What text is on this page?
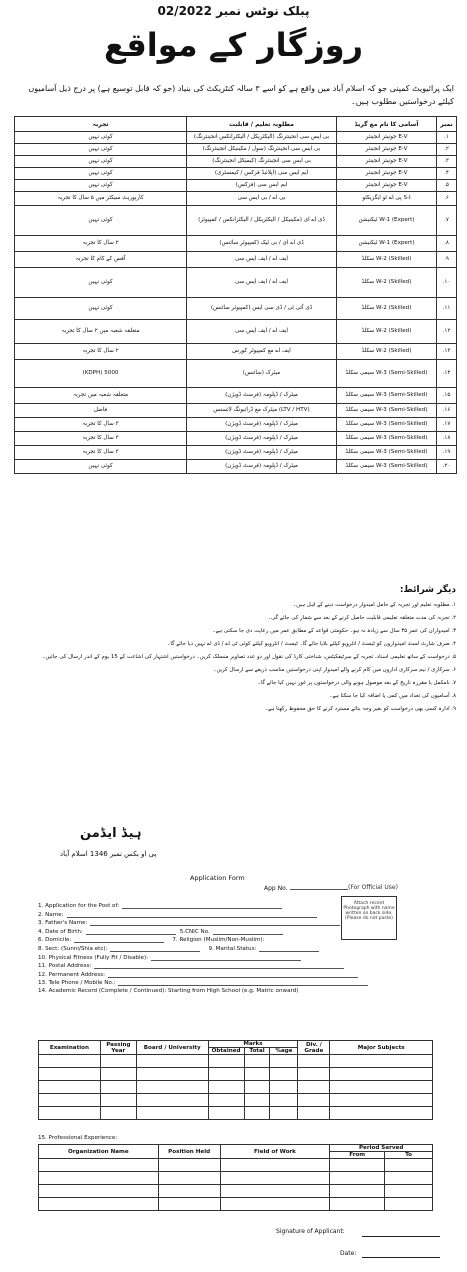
پبلک نوٹس نمبر 02/2022
روزگار کے مواقع
ایک پرائیویٹ کمپنی جو کہ اسلام آباد میں واقع ہے کو اسے ۳ سالہ کنٹریکٹ کی بنیاد (جو کہ قابل توسیع ہے) پر درج ذیل آسامیوں کیلئے درخواستیں مطلوب ہیں۔
نمبر	آسامی کا نام مع گریڈ	مطلوبہ تعلیم / قابلیت	تجربہ
۱.	E-V جونیئر انجینئر	بی ایس سی انجینئرنگ (الیکٹریکل / الیکٹرانکس انجینئرنگ)	کوئی نہیں
۲.	E-V جونیئر انجینئر	بی ایس سی انجینئرنگ (سول / مکینیکل انجینئرنگ)	کوئی نہیں
۳.	E-V جونیئر انجینئر	بی ایس سی انجینئرنگ (کیمیکل انجینئرنگ)	کوئی نہیں
۴.	E-V جونیئر انجینئر	ایم ایس سی (اپلائیڈ فزکس / کیمسٹری)	کوئی نہیں
۵.	E-V جونیئر انجینئر	ایم ایس سی (فزکس)	کوئی نہیں
۶.	S-I پی اے ٹو ایگزیکٹو	بی اے / بی ایس سی	کارپوریٹ سیکٹر میں ۵ سال کا تجربہ
۷.	W-1 (Expert) ٹیکنیشن	ڈی اے ای (مکینیکل / الیکٹریکل / الیکٹرانکس / کمپیوٹر)	کوئی نہیں
۸.	W-1 (Expert) ٹیکنیشن	ڈی اے ای / بی ٹیک (کمپیوٹر سائنس)	۲ سال کا تجربہ
۹.	W-2 (Skilled) سکلڈ	ایف اے / ایف ایس سی	آفس کے کام کا تجربہ
۱۰.	W-2 (Skilled) سکلڈ	ایف اے / ایف ایس سی	کوئی نہیں
۱۱.	W-2 (Skilled) سکلڈ	ڈی آئی ٹی / ڈی سی ایس (کمپیوٹر سائنس)	کوئی نہیں
۱۲.	W-2 (Skilled) سکلڈ	ایف اے / ایف ایس سی	متعلقہ شعبہ میں ۲ سال کا تجربہ
۱۳.	W-2 (Skilled) سکلڈ	ایف اے مع کمپیوٹر کورس	۲ سال کا تجربہ
۱۴.	W-3 (Semi-Skilled) سیمی سکلڈ	میٹرک (سائنس)	5000 (KDPH)
۱۵.	W-3 (Semi-Skilled) سیمی سکلڈ	میٹرک / ڈپلومہ (فرسٹ ڈویژن)	متعلقہ شعبہ میں تجربہ
۱۶.	W-3 (Semi-Skilled) سیمی سکلڈ	(LTV / HTV) میٹرک مع ڈرائیونگ لائسنس	فاضل
۱۷.	W-3 (Semi-Skilled) سیمی سکلڈ	میٹرک / ڈپلومہ (فرسٹ ڈویژن)	۳ سال کا تجربہ
۱۸.	W-3 (Semi-Skilled) سیمی سکلڈ	میٹرک / ڈپلومہ (فرسٹ ڈویژن)	۳ سال کا تجربہ
۱۹.	W-3 (Semi-Skilled) سیمی سکلڈ	میٹرک / ڈپلومہ (فرسٹ ڈویژن)	۳ سال کا تجربہ
۲۰.	W-3 (Semi-Skilled) سیمی سکلڈ	میٹرک / ڈپلومہ (فرسٹ ڈویژن)	کوئی نہیں
دیگر شرائط:
۱. مطلوبہ تعلیم اور تجربہ کے حامل امیدوار درخواست دینے کے اہل ہیں۔
۲. تجربہ کی مدت متعلقہ تعلیمی قابلیت حاصل کرنے کے بعد سے شمار کی جائے گی۔
۳. امیدواران کی عمر ۳۵ سال سے زیادہ نہ ہو۔ حکومتی قواعد کے مطابق عمر میں رعایت دی جا سکتی ہے۔
۴. صرف شارٹ لسٹ امیدواروں کو ٹیسٹ / انٹرویو کیلئے بلایا جائے گا۔ ٹیسٹ / انٹرویو کیلئے کوئی ٹی اے / ڈی اے نہیں دیا جائے گا۔
۵. درخواست کے ساتھ تعلیمی اسناد، تجربہ کے سرٹیفکیٹس، شناختی کارڈ کی نقول اور دو عدد تصاویر منسلک کریں۔ درخواستیں اشتہار کی اشاعت کے 15 یوم کے اندر ارسال کی جائیں۔
۶. سرکاری / نیم سرکاری اداروں میں کام کرنے والے امیدوار اپنی درخواستیں مناسب ذریعے سے ارسال کریں۔
۷. نامکمل یا مقررہ تاریخ کے بعد موصول ہونے والی درخواستوں پر غور نہیں کیا جائے گا۔
۸. آسامیوں کی تعداد میں کمی یا اضافہ کیا جا سکتا ہے۔
۹. ادارہ کسی بھی درخواست کو بغیر وجہ بتائے مسترد کرنے کا حق محفوظ رکھتا ہے۔
ہیڈ ایڈمن
پی او بکس نمبر 1346 اسلام آباد
Application Form
App No.	(For Official Use)
Attach recent Photograph with name written on back side. (Please do not paste)
1. Application for the Post of:
2. Name:
3. Father's Name:
4. Date of Birth:	5.CNIC No.
6. Domicile:	7. Religion (Muslim/Non-Muslim):
8. Sect: (Sunni/Shia etc):	9. Marital Status:
10. Physical Fitness (Fully Fit / Disable):
11. Postal Address:
12. Permanent Address:
13. Tele Phone / Mobile No.:
14. Academic Record (Complete / Continued): Starting from High School (e.g. Matric onward)
Examination	Passing Year	Board / University	Marks			Div. / Grade	Major Subjects
			Obtained	Total	%age		

15. Professional Experience:
Organization Name	Position Held	Field of Work	Period Served	
			From	To

Signature of Applicant:
Date:
